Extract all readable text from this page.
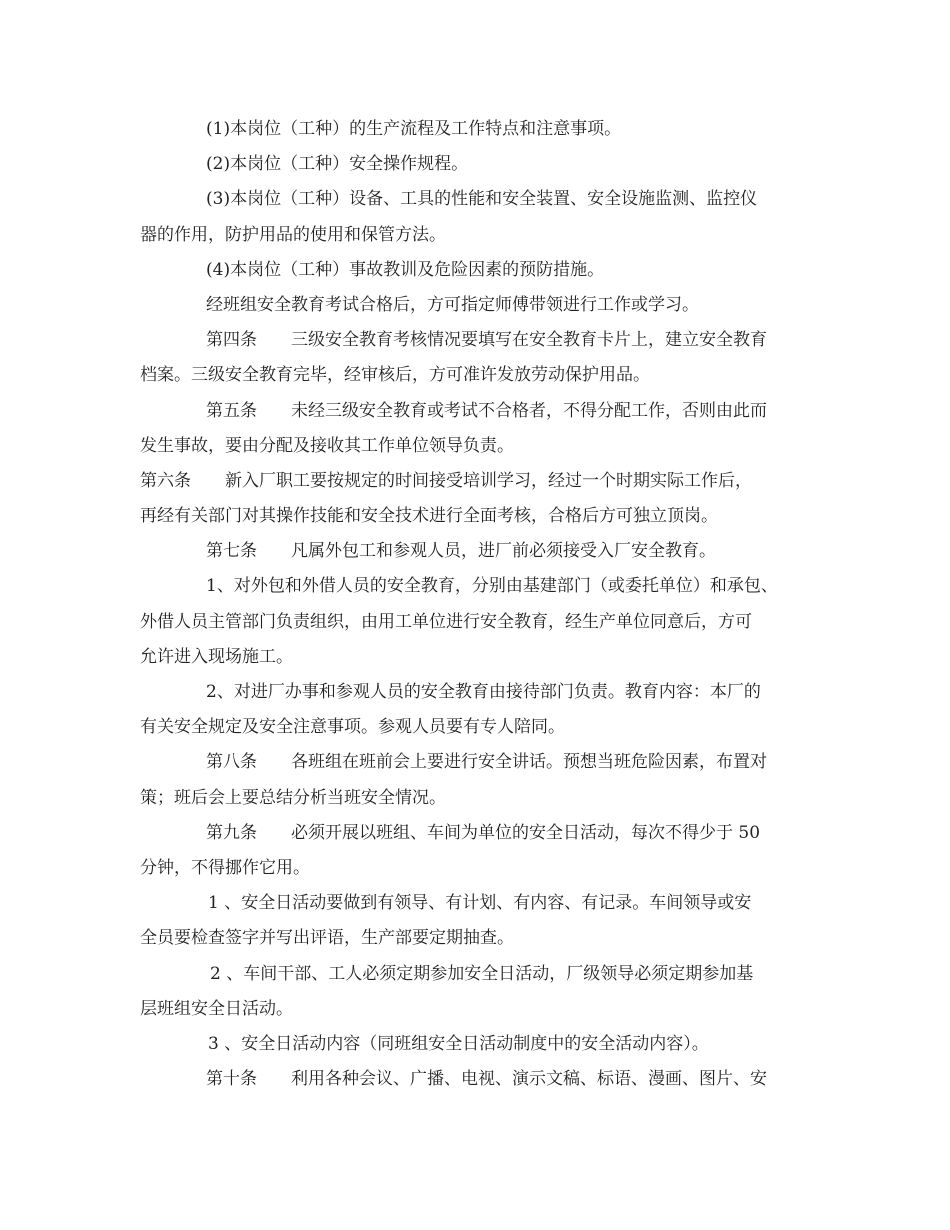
(1)本岗位（工种）的生产流程及工作特点和注意事项。
(2)本岗位（工种）安全操作规程。
(3)本岗位（工种）设备、工具的性能和安全装置、安全设施监测、监控仪
器的作用，防护用品的使用和保管方法。
(4)本岗位（工种）事故教训及危险因素的预防措施。
经班组安全教育考试合格后，方可指定师傅带领进行工作或学习。
第四条　　三级安全教育考核情况要填写在安全教育卡片上，建立安全教育
档案。三级安全教育完毕，经审核后，方可准许发放劳动保护用品。
第五条　　未经三级安全教育或考试不合格者，不得分配工作，否则由此而
发生事故，要由分配及接收其工作单位领导负责。
第六条　　新入厂职工要按规定的时间接受培训学习，经过一个时期实际工作后，
再经有关部门对其操作技能和安全技术进行全面考核，合格后方可独立顶岗。
第七条　　凡属外包工和参观人员，进厂前必须接受入厂安全教育。
1、对外包和外借人员的安全教育，分别由基建部门（或委托单位）和承包、
外借人员主管部门负责组织，由用工单位进行安全教育，经生产单位同意后，方可
允许进入现场施工。
2、对进厂办事和参观人员的安全教育由接待部门负责。教育内容：本厂的
有关安全规定及安全注意事项。参观人员要有专人陪同。
第八条　　各班组在班前会上要进行安全讲话。预想当班危险因素，布置对
策；班后会上要总结分析当班安全情况。
第九条　　必须开展以班组、车间为单位的安全日活动，每次不得少于 50
分钟，不得挪作它用。
1 、安全日活动要做到有领导、有计划、有内容、有记录。车间领导或安
全员要检查签字并写出评语，生产部要定期抽查。
2 、车间干部、工人必须定期参加安全日活动，厂级领导必须定期参加基
层班组安全日活动。
3 、安全日活动内容（同班组安全日活动制度中的安全活动内容）。
第十条　　利用各种会议、广播、电视、演示文稿、标语、漫画、图片、安
